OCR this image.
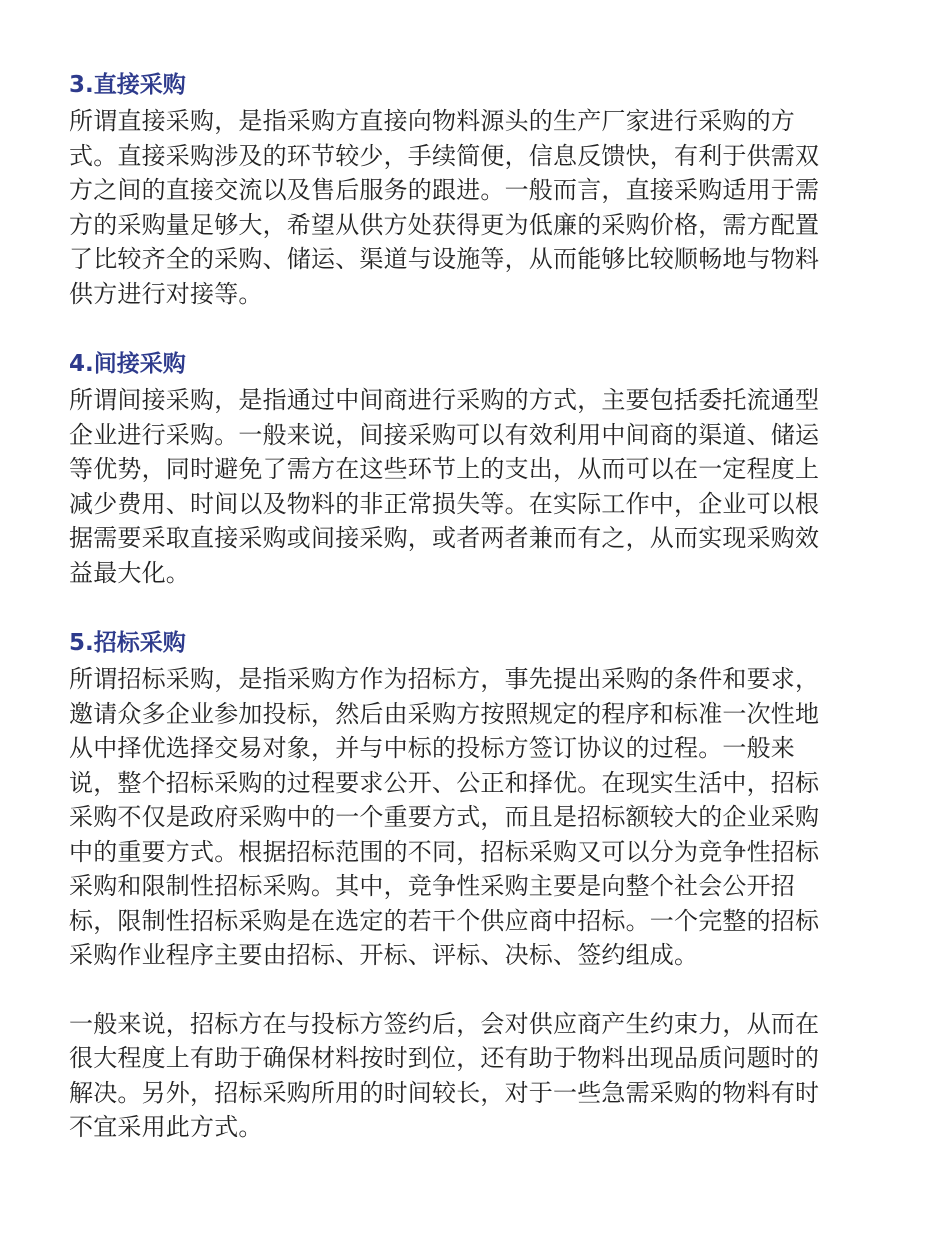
3.直接采购
所谓直接采购，是指采购方直接向物料源头的生产厂家进行采购的方
式。直接采购涉及的环节较少，手续简便，信息反馈快，有利于供需双
方之间的直接交流以及售后服务的跟进。一般而言，直接采购适用于需
方的采购量足够大，希望从供方处获得更为低廉的采购价格，需方配置
了比较齐全的采购、储运、渠道与设施等，从而能够比较顺畅地与物料
供方进行对接等。
4.间接采购
所谓间接采购，是指通过中间商进行采购的方式，主要包括委托流通型
企业进行采购。一般来说，间接采购可以有效利用中间商的渠道、储运
等优势，同时避免了需方在这些环节上的支出，从而可以在一定程度上
减少费用、时间以及物料的非正常损失等。在实际工作中，企业可以根
据需要采取直接采购或间接采购，或者两者兼而有之，从而实现采购效
益最大化。
5.招标采购
所谓招标采购，是指采购方作为招标方，事先提出采购的条件和要求，
邀请众多企业参加投标，然后由采购方按照规定的程序和标准一次性地
从中择优选择交易对象，并与中标的投标方签订协议的过程。一般来
说，整个招标采购的过程要求公开、公正和择优。在现实生活中，招标
采购不仅是政府采购中的一个重要方式，而且是招标额较大的企业采购
中的重要方式。根据招标范围的不同，招标采购又可以分为竞争性招标
采购和限制性招标采购。其中，竞争性采购主要是向整个社会公开招
标，限制性招标采购是在选定的若干个供应商中招标。一个完整的招标
采购作业程序主要由招标、开标、评标、决标、签约组成。
一般来说，招标方在与投标方签约后，会对供应商产生约束力，从而在
很大程度上有助于确保材料按时到位，还有助于物料出现品质问题时的
解决。另外，招标采购所用的时间较长，对于一些急需采购的物料有时
不宜采用此方式。
